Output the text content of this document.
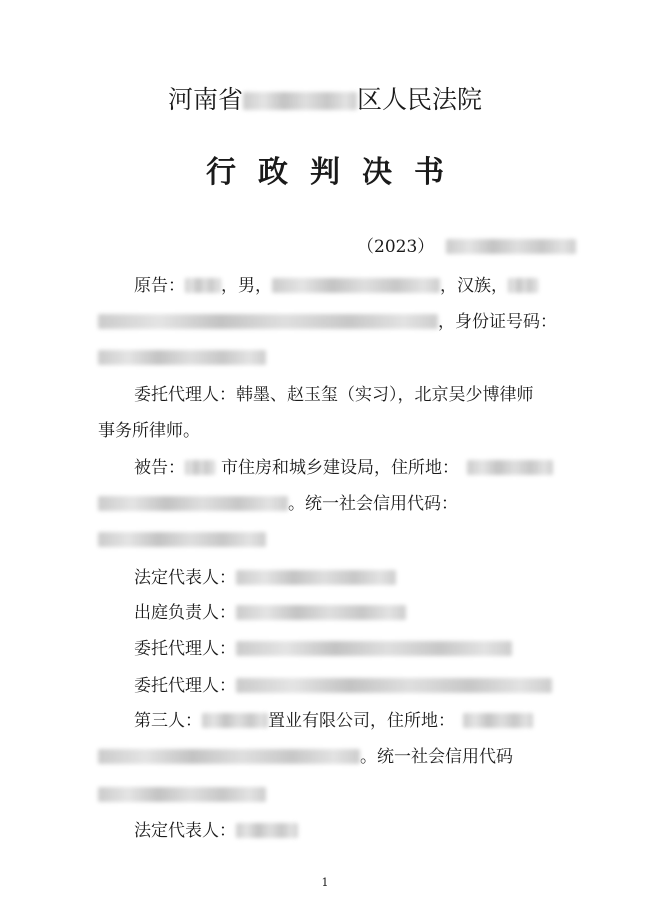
河南省	区人民法院
行政判决书
（2023）
原告： ，男，	，汉族，
，身份证号码：
委托代理人：韩墨、赵玉玺（实习），北京吴少博律师
事务所律师。
被告： 市住房和城乡建设局，住所地：
。统一社会信用代码：
法定代表人：
出庭负责人：
委托代理人：
委托代理人：
第三人：	置业有限公司，住所地：
。统一社会信用代码
法定代表人：
1
